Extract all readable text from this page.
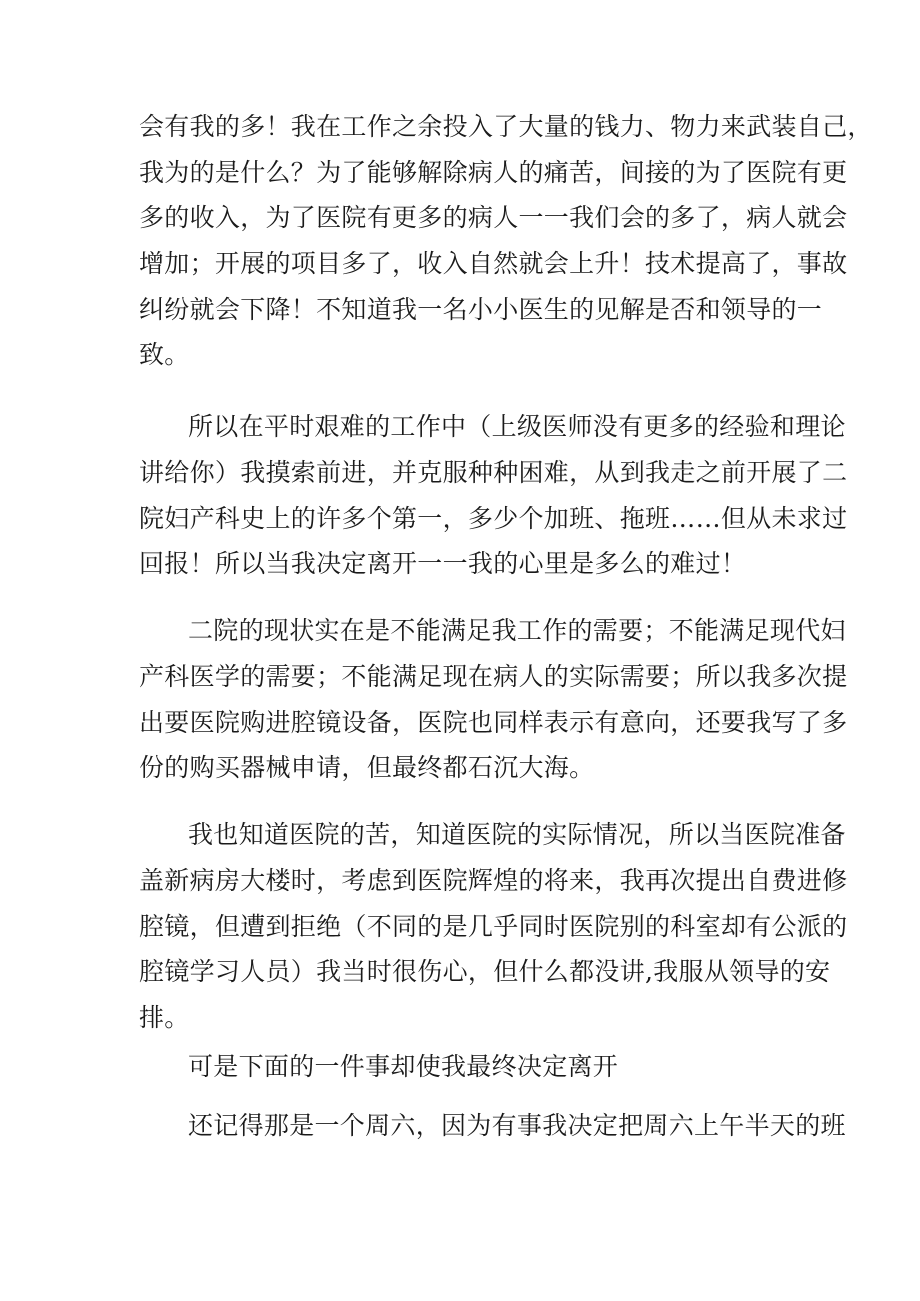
会有我的多！我在工作之余投入了大量的钱力、物力来武装自己，
我为的是什么？为了能够解除病人的痛苦，间接的为了医院有更
多的收入，为了医院有更多的病人一一我们会的多了，病人就会
增加；开展的项目多了，收入自然就会上升！技术提高了，事故
纠纷就会下降！不知道我一名小小医生的见解是否和领导的一
致。
所以在平时艰难的工作中（上级医师没有更多的经验和理论
讲给你）我摸索前进，并克服种种困难，从到我走之前开展了二
院妇产科史上的许多个第一，多少个加班、拖班……但从未求过
回报！所以当我决定离开一一我的心里是多么的难过！
二院的现状实在是不能满足我工作的需要；不能满足现代妇
产科医学的需要；不能满足现在病人的实际需要；所以我多次提
出要医院购进腔镜设备，医院也同样表示有意向，还要我写了多
份的购买器械申请，但最终都石沉大海。
我也知道医院的苦，知道医院的实际情况，所以当医院准备
盖新病房大楼时，考虑到医院辉煌的将来，我再次提出自费进修
腔镜，但遭到拒绝（不同的是几乎同时医院别的科室却有公派的
腔镜学习人员）我当时很伤心，但什么都没讲,我服从领导的安
排。
可是下面的一件事却使我最终决定离开
还记得那是一个周六，因为有事我决定把周六上午半天的班
